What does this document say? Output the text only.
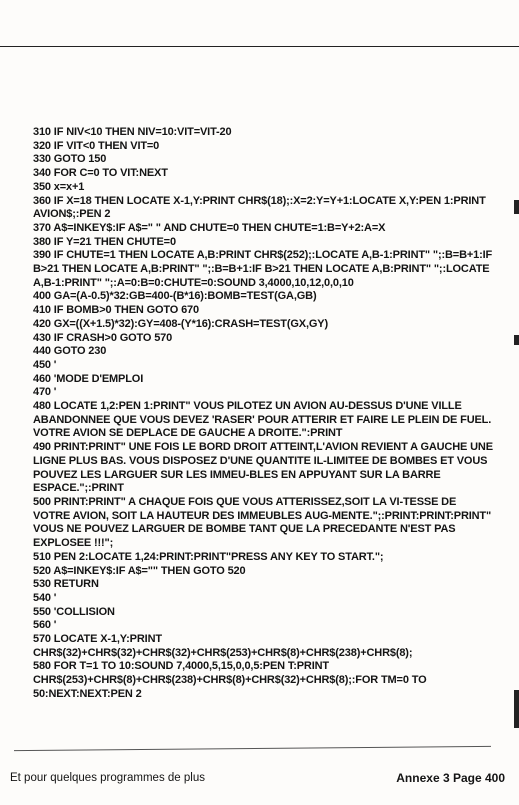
310 IF NIV<10 THEN NIV=10:VIT=VIT-20
320 IF VIT<0 THEN VIT=0
330 GOTO 150
340 FOR C=0 TO VIT:NEXT
350 x=x+1
360 IF X=18 THEN LOCATE X-1,Y:PRINT CHR$(18);:X=2:Y=Y+1:LOCATE X,Y:PEN 1:PRINT AVION$;:PEN 2
370 A$=INKEY$:IF A$=" " AND CHUTE=0 THEN CHUTE=1:B=Y+2:A=X
380 IF Y=21 THEN CHUTE=0
390 IF CHUTE=1 THEN LOCATE A,B:PRINT CHR$(252);:LOCATE A,B-1:PRINT" ";:B=B+1:IF B>21 THEN LOCATE A,B:PRINT" ";:B=B+1:IF B>21 THEN LOCATE A,B:PRINT" ";:LOCATE A,B-1:PRINT" ";:A=0:B=0:CHUTE=0:SOUND 3,4000,10,12,0,0,10
400 GA=(A-0.5)*32:GB=400-(B*16):BOMB=TEST(GA,GB)
410 IF BOMB>0 THEN GOTO 670
420 GX=((X+1.5)*32):GY=408-(Y*16):CRASH=TEST(GX,GY)
430 IF CRASH>0 GOTO 570
440 GOTO 230
450 '
460 'MODE D'EMPLOI
470 '
480 LOCATE 1,2:PEN 1:PRINT" VOUS PILOTEZ UN AVION AU-DESSUS D'UNE VILLE ABANDONNEE QUE VOUS DEVEZ 'RASER' POUR ATTERIR ET FAIRE LE PLEIN DE FUEL. VOTRE AVION SE DEPLACE DE GAUCHE A DROITE.":PRINT
490 PRINT:PRINT" UNE FOIS LE BORD DROIT ATTEINT,L'AVION REVIENT A GAUCHE UNE LIGNE PLUS BAS. VOUS DISPOSEZ D'UNE QUANTITE IL-LIMITEE DE BOMBES ET VOUS POUVEZ LES LARGUER SUR LES IMMEU-BLES EN APPUYANT SUR LA BARRE ESPACE.";:PRINT
500 PRINT:PRINT" A CHAQUE FOIS QUE VOUS ATTERISSEZ,SOIT LA VI-TESSE DE VOTRE AVION, SOIT LA HAUTEUR DES IMMEUBLES AUG-MENTE.";:PRINT:PRINT:PRINT" VOUS NE POUVEZ LARGUER DE BOMBE TANT QUE LA PRECEDANTE N'EST PAS EXPLOSEE !!!";
510 PEN 2:LOCATE 1,24:PRINT:PRINT"PRESS ANY KEY TO START.";
520 A$=INKEY$:IF A$="" THEN GOTO 520
530 RETURN
540 '
550 'COLLISION
560 '
570 LOCATE X-1,Y:PRINT CHR$(32)+CHR$(32)+CHR$(32)+CHR$(253)+CHR$(8)+CHR$(238)+CHR$(8);
580 FOR T=1 TO 10:SOUND 7,4000,5,15,0,0,5:PEN T:PRINT CHR$(253)+CHR$(8)+CHR$(238)+CHR$(8)+CHR$(32)+CHR$(8);:FOR TM=0 TO 50:NEXT:NEXT:PEN 2
Et pour quelques programmes de plus	Annexe 3 Page 400
